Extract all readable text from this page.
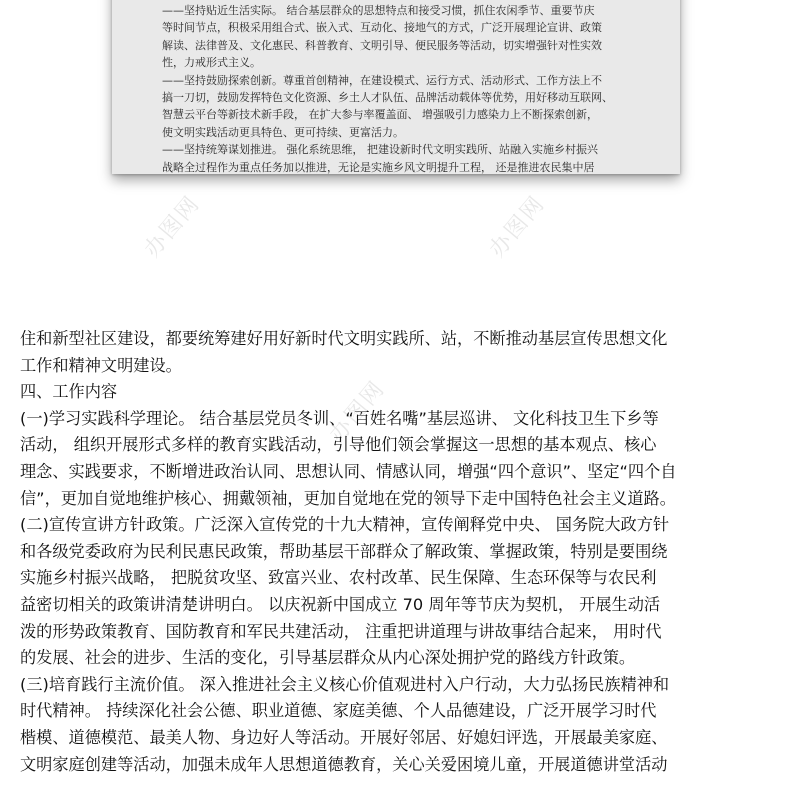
——坚持贴近生活实际。 结合基层群众的思想特点和接受习惯，抓住农闲季节、重要节庆

等时间节点，积极采用组合式、嵌入式、互动化、接地气的方式，广泛开展理论宣讲、政策

解读、法律普及、文化惠民、科普教育、文明引导、便民服务等活动，切实增强针对性实效

性，力戒形式主义。

——坚持鼓励探索创新。尊重首创精神，在建设模式、运行方式、活动形式、工作方法上不

搞一刀切，鼓励发挥特色文化资源、乡土人才队伍、品牌活动载体等优势，用好移动互联网、

智慧云平台等新技术新手段， 在扩大参与率覆盖面、 增强吸引力感染力上不断探索创新，

使文明实践活动更具特色、更可持续、更富活力。

——坚持统筹谋划推进。 强化系统思维， 把建设新时代文明实践所、站融入实施乡村振兴

战略全过程作为重点任务加以推进，无论是实施乡风文明提升工程， 还是推进农民集中居

办图网	办图网
办图网

住和新型社区建设，都要统筹建好用好新时代文明实践所、站，不断推动基层宣传思想文化

工作和精神文明建设。

四、工作内容

(一)学习实践科学理论。 结合基层党员冬训、“百姓名嘴”基层巡讲、 文化科技卫生下乡等

活动， 组织开展形式多样的教育实践活动，引导他们领会掌握这一思想的基本观点、核心

理念、实践要求，不断增进政治认同、思想认同、情感认同，增强“四个意识”、坚定“四个自

信”，更加自觉地维护核心、拥戴领袖，更加自觉地在党的领导下走中国特色社会主义道路。

(二)宣传宣讲方针政策。广泛深入宣传党的十九大精神，宣传阐释党中央、 国务院大政方针

和各级党委政府为民利民惠民政策，帮助基层干部群众了解政策、掌握政策，特别是要围绕

实施乡村振兴战略， 把脱贫攻坚、致富兴业、农村改革、民生保障、生态环保等与农民利

益密切相关的政策讲清楚讲明白。 以庆祝新中国成立 70 周年等节庆为契机， 开展生动活

泼的形势政策教育、国防教育和军民共建活动， 注重把讲道理与讲故事结合起来， 用时代

的发展、社会的进步、生活的变化，引导基层群众从内心深处拥护党的路线方针政策。

(三)培育践行主流价值。 深入推进社会主义核心价值观进村入户行动，大力弘扬民族精神和

时代精神。 持续深化社会公德、职业道德、家庭美德、个人品德建设，广泛开展学习时代

楷模、道德模范、最美人物、身边好人等活动。开展好邻居、好媳妇评选，开展最美家庭、

文明家庭创建等活动，加强未成年人思想道德教育，关心关爱困境儿童，开展道德讲堂活动
